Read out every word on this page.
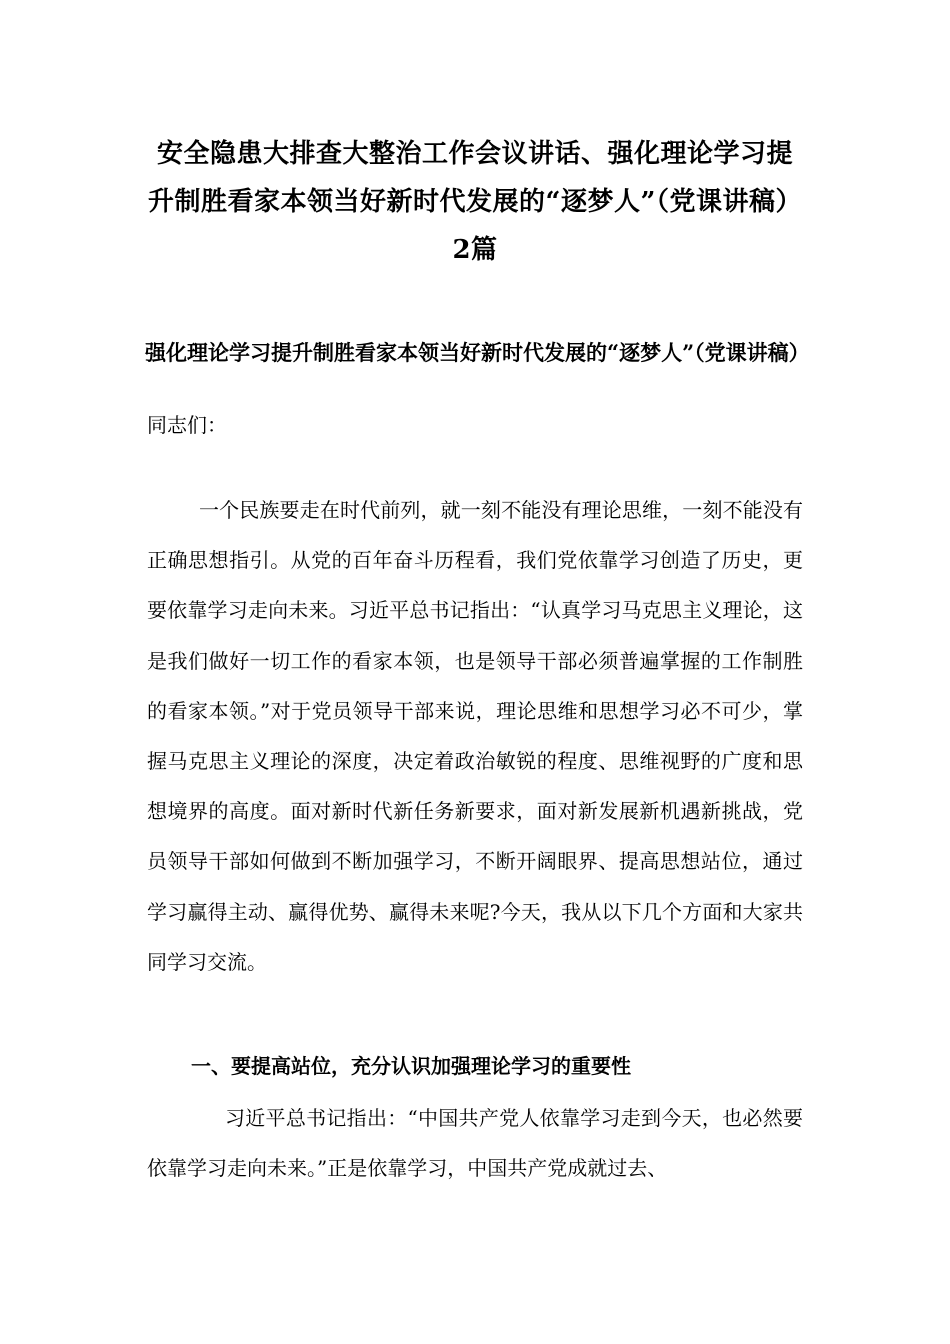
安全隐患大排查大整治工作会议讲话、强化理论学习提升制胜看家本领当好新时代发展的“逐梦人”（党课讲稿）2篇
强化理论学习提升制胜看家本领当好新时代发展的“逐梦人”（党课讲稿）

同志们：

一个民族要走在时代前列，就一刻不能没有理论思维，一刻不能没有正确思想指引。从党的百年奋斗历程看，我们党依靠学习创造了历史，更要依靠学习走向未来。习近平总书记指出：“认真学习马克思主义理论，这是我们做好一切工作的看家本领，也是领导干部必须普遍掌握的工作制胜的看家本领。”对于党员领导干部来说，理论思维和思想学习必不可少，掌握马克思主义理论的深度，决定着政治敏锐的程度、思维视野的广度和思想境界的高度。面对新时代新任务新要求，面对新发展新机遇新挑战，党员领导干部如何做到不断加强学习，不断开阔眼界、提高思想站位，通过学习赢得主动、赢得优势、赢得未来呢?今天，我从以下几个方面和大家共同学习交流。

一、要提高站位，充分认识加强理论学习的重要性

习近平总书记指出：“中国共产党人依靠学习走到今天，也必然要依靠学习走向未来。”正是依靠学习，中国共产党成就过去、
